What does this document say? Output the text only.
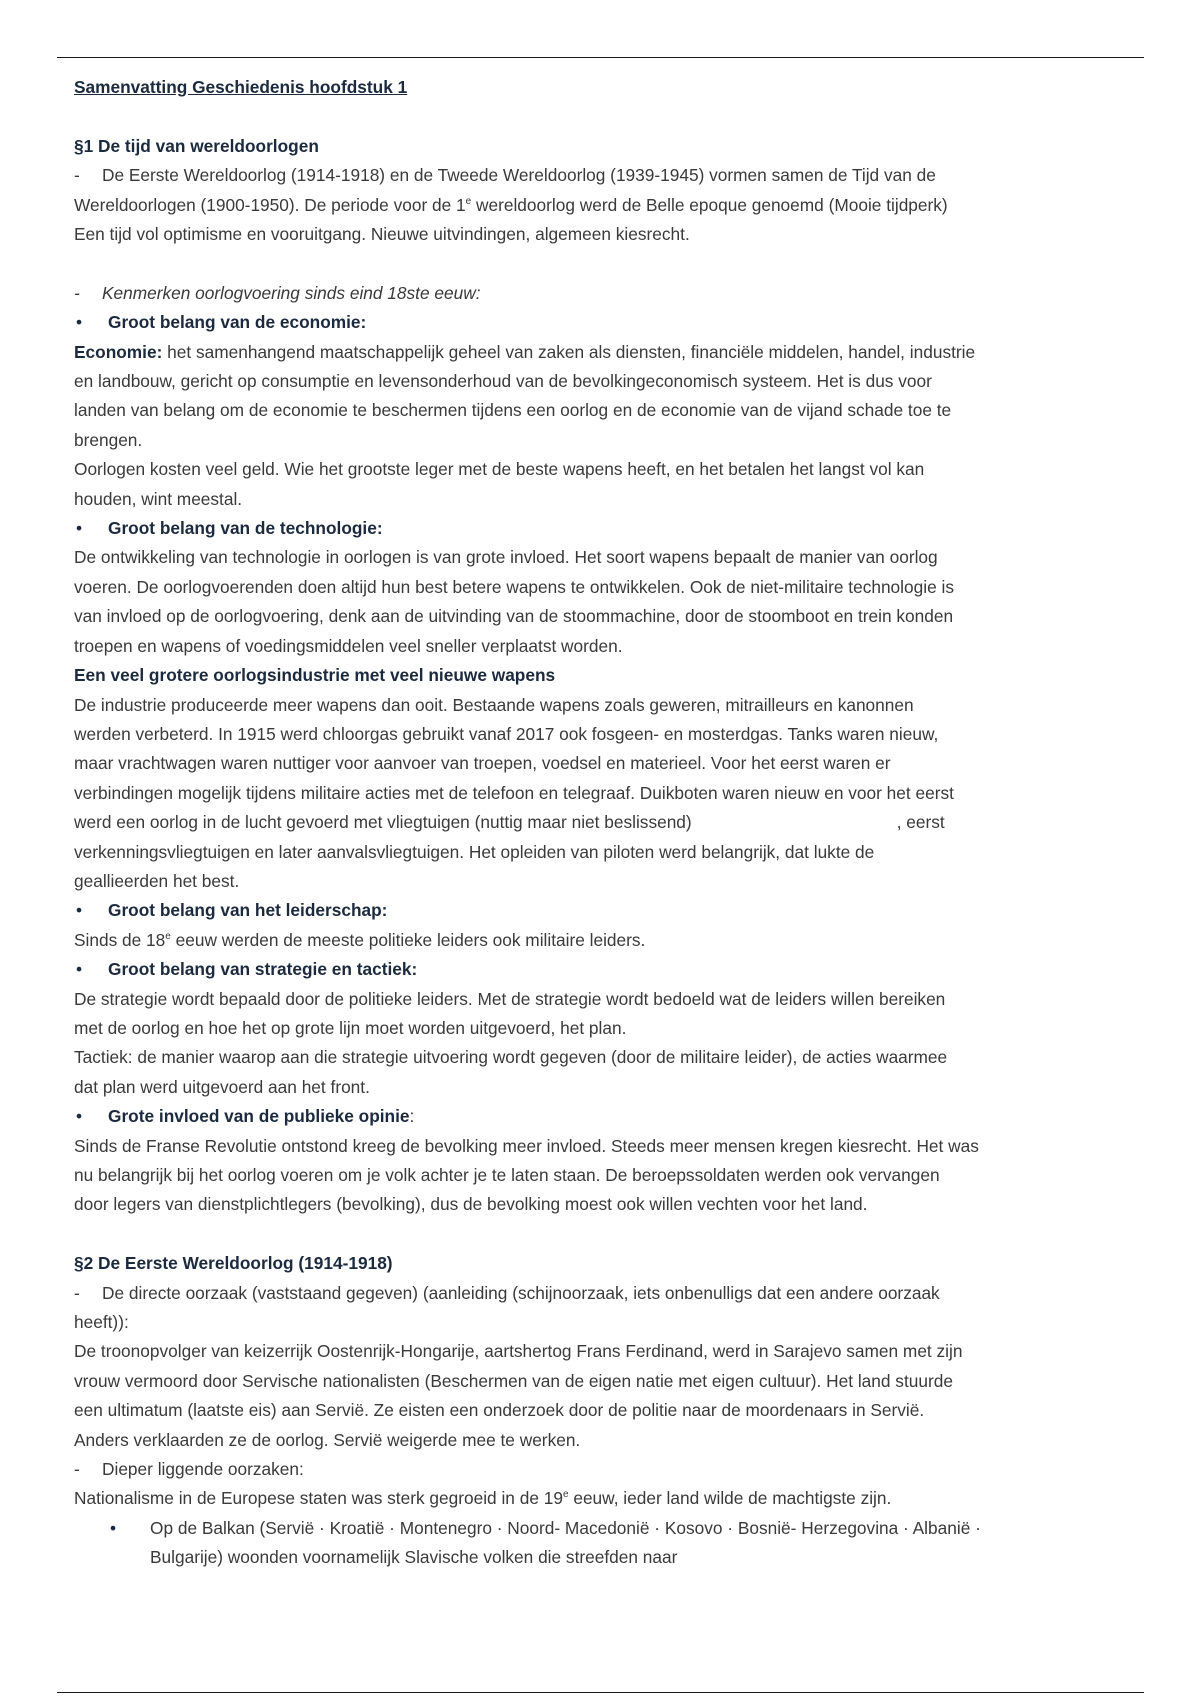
Samenvatting Geschiedenis hoofdstuk 1

§1 De tijd van wereldoorlogen

- De Eerste Wereldoorlog (1914-1918) en de Tweede Wereldoorlog (1939-1945) vormen samen de Tijd van de

Wereldoorlogen (1900-1950). De periode voor de 1e wereldoorlog werd de Belle epoque genoemd (Mooie tijdperk)

Een tijd vol optimisme en vooruitgang. Nieuwe uitvindingen, algemeen kiesrecht.

- Kenmerken oorlogvoering sinds eind 18ste eeuw:

•	Groot belang van de economie:

Economie: het samenhangend maatschappelijk geheel van zaken als diensten, financiële middelen, handel, industrie

en landbouw, gericht op consumptie en levensonderhoud van de bevolkingeconomisch systeem. Het is dus voor

landen van belang om de economie te beschermen tijdens een oorlog en de economie van de vijand schade toe te

brengen.

Oorlogen kosten veel geld. Wie het grootste leger met de beste wapens heeft, en het betalen het langst vol kan

houden, wint meestal.

•	Groot belang van de technologie:

De ontwikkeling van technologie in oorlogen is van grote invloed. Het soort wapens bepaalt de manier van oorlog

voeren. De oorlogvoerenden doen altijd hun best betere wapens te ontwikkelen. Ook de niet-militaire technologie is

van invloed op de oorlogvoering, denk aan de uitvinding van de stoommachine, door de stoomboot en trein konden

troepen en wapens of voedingsmiddelen veel sneller verplaatst worden.

Een veel grotere oorlogsindustrie met veel nieuwe wapens

De industrie produceerde meer wapens dan ooit. Bestaande wapens zoals geweren, mitrailleurs en kanonnen

werden verbeterd. In 1915 werd chloorgas gebruikt vanaf 2017 ook fosgeen- en mosterdgas. Tanks waren nieuw,

maar vrachtwagen waren nuttiger voor aanvoer van troepen, voedsel en materieel. Voor het eerst waren er

verbindingen mogelijk tijdens militaire acties met de telefoon en telegraaf. Duikboten waren nieuw en voor het eerst

werd een oorlog in de lucht gevoerd met vliegtuigen (nuttig maar niet beslissend)	, eerst

verkenningsvliegtuigen en later aanvalsvliegtuigen. Het opleiden van piloten werd belangrijk, dat lukte de

geallieerden het best.

•	Groot belang van het leiderschap:

Sinds de 18e eeuw werden de meeste politieke leiders ook militaire leiders.

•	Groot belang van strategie en tactiek:

De strategie wordt bepaald door de politieke leiders. Met de strategie wordt bedoeld wat de leiders willen bereiken

met de oorlog en hoe het op grote lijn moet worden uitgevoerd, het plan.

Tactiek: de manier waarop aan die strategie uitvoering wordt gegeven (door de militaire leider), de acties waarmee

dat plan werd uitgevoerd aan het front.

•	Grote invloed van de publieke opinie:

Sinds de Franse Revolutie ontstond kreeg de bevolking meer invloed. Steeds meer mensen kregen kiesrecht. Het was

nu belangrijk bij het oorlog voeren om je volk achter je te laten staan. De beroepssoldaten werden ook vervangen

door legers van dienstplichtlegers (bevolking), dus de bevolking moest ook willen vechten voor het land.

§2 De Eerste Wereldoorlog (1914-1918)

- De directe oorzaak (vaststaand gegeven) (aanleiding (schijnoorzaak, iets onbenulligs dat een andere oorzaak

heeft)):

De troonopvolger van keizerrijk Oostenrijk-Hongarije, aartshertog Frans Ferdinand, werd in Sarajevo samen met zijn

vrouw vermoord door Servische nationalisten (Beschermen van de eigen natie met eigen cultuur). Het land stuurde

een ultimatum (laatste eis) aan Servië. Ze eisten een onderzoek door de politie naar de moordenaars in Servië.

Anders verklaarden ze de oorlog. Servië weigerde mee te werken.

- Dieper liggende oorzaken:

Nationalisme in de Europese staten was sterk gegroeid in de 19e eeuw, ieder land wilde de machtigste zijn.

•	Op de Balkan (Servië · Kroatië · Montenegro · Noord- Macedonië · Kosovo · Bosnië- Herzegovina · Albanië ·
Bulgarije) woonden voornamelijk Slavische volken die streefden naar
